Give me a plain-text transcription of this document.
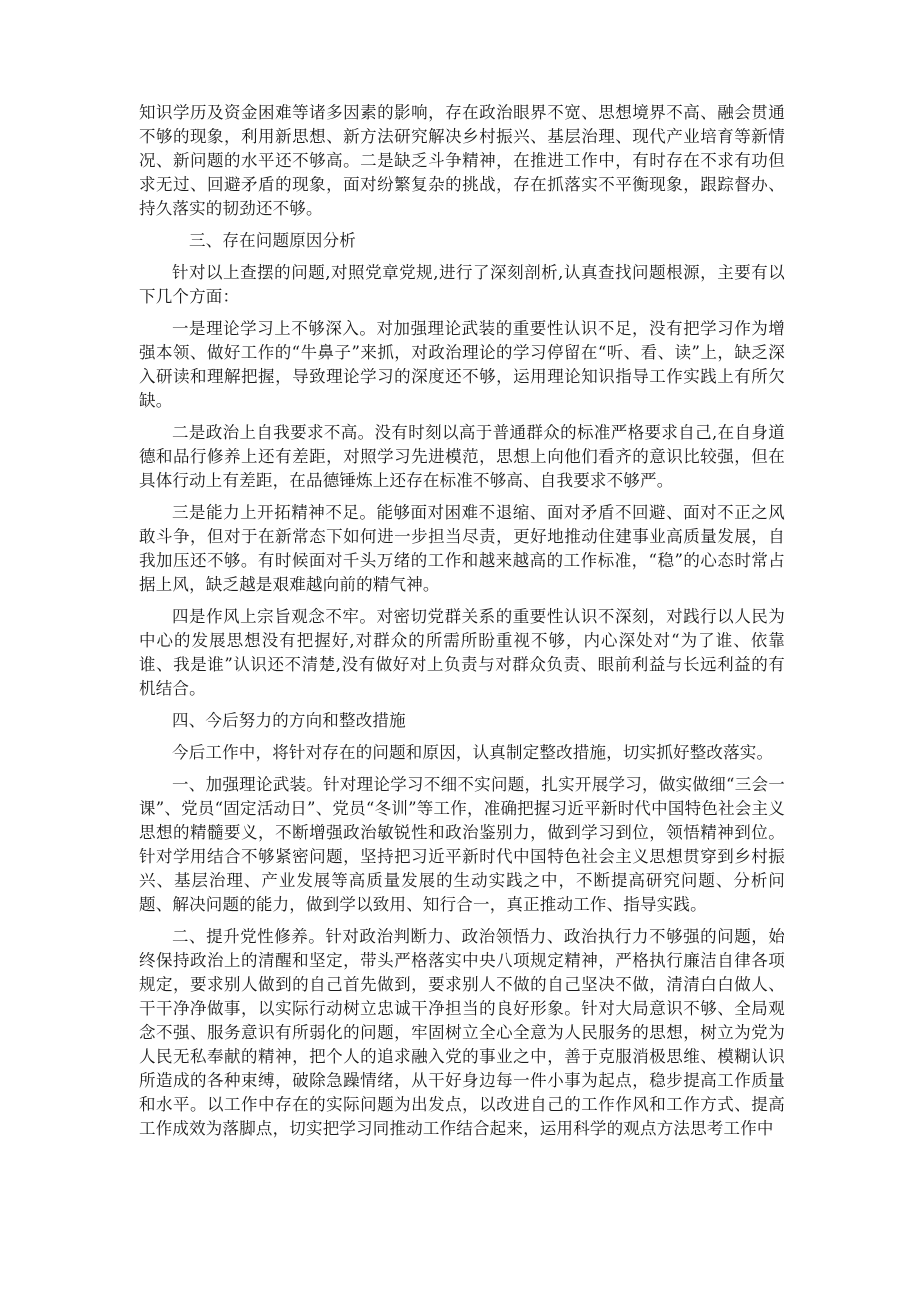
知识学历及资金困难等诸多因素的影响，存在政治眼界不宽、思想境界不高、融会贯通不够的现象，利用新思想、新方法研究解决乡村振兴、基层治理、现代产业培育等新情况、新问题的水平还不够高。二是缺乏斗争精神，在推进工作中，有时存在不求有功但求无过、回避矛盾的现象，面对纷繁复杂的挑战，存在抓落实不平衡现象，跟踪督办、持久落实的韧劲还不够。

三、存在问题原因分析

针对以上查摆的问题,对照党章党规,进行了深刻剖析,认真查找问题根源，主要有以下几个方面：

一是理论学习上不够深入。对加强理论武装的重要性认识不足，没有把学习作为增强本领、做好工作的“牛鼻子”来抓，对政治理论的学习停留在“听、看、读”上，缺乏深入研读和理解把握，导致理论学习的深度还不够，运用理论知识指导工作实践上有所欠缺。

二是政治上自我要求不高。没有时刻以高于普通群众的标准严格要求自己,在自身道德和品行修养上还有差距，对照学习先进模范，思想上向他们看齐的意识比较强，但在具体行动上有差距，在品德锤炼上还存在标准不够高、自我要求不够严。

三是能力上开拓精神不足。能够面对困难不退缩、面对矛盾不回避、面对不正之风敢斗争，但对于在新常态下如何进一步担当尽责，更好地推动住建事业高质量发展，自我加压还不够。有时候面对千头万绪的工作和越来越高的工作标准，“稳”的心态时常占据上风，缺乏越是艰难越向前的精气神。

四是作风上宗旨观念不牢。对密切党群关系的重要性认识不深刻，对践行以人民为中心的发展思想没有把握好,对群众的所需所盼重视不够，内心深处对“为了谁、依靠谁、我是谁”认识还不清楚,没有做好对上负责与对群众负责、眼前利益与长远利益的有机结合。

四、今后努力的方向和整改措施

今后工作中，将针对存在的问题和原因，认真制定整改措施，切实抓好整改落实。

一、加强理论武装。针对理论学习不细不实问题，扎实开展学习，做实做细“三会一课”、党员“固定活动日”、党员“冬训”等工作，准确把握习近平新时代中国特色社会主义思想的精髓要义，不断增强政治敏锐性和政治鉴别力，做到学习到位，领悟精神到位。针对学用结合不够紧密问题，坚持把习近平新时代中国特色社会主义思想贯穿到乡村振兴、基层治理、产业发展等高质量发展的生动实践之中，不断提高研究问题、分析问题、解决问题的能力，做到学以致用、知行合一，真正推动工作、指导实践。

二、提升党性修养。针对政治判断力、政治领悟力、政治执行力不够强的问题，始终保持政治上的清醒和坚定，带头严格落实中央八项规定精神，严格执行廉洁自律各项规定，要求别人做到的自己首先做到，要求别人不做的自己坚决不做，清清白白做人、干干净净做事，以实际行动树立忠诚干净担当的良好形象。针对大局意识不够、全局观念不强、服务意识有所弱化的问题，牢固树立全心全意为人民服务的思想，树立为党为人民无私奉献的精神，把个人的追求融入党的事业之中，善于克服消极思维、模糊认识所造成的各种束缚，破除急躁情绪，从干好身边每一件小事为起点，稳步提高工作质量和水平。以工作中存在的实际问题为出发点，以改进自己的工作作风和工作方式、提高工作成效为落脚点，切实把学习同推动工作结合起来，运用科学的观点方法思考工作中
